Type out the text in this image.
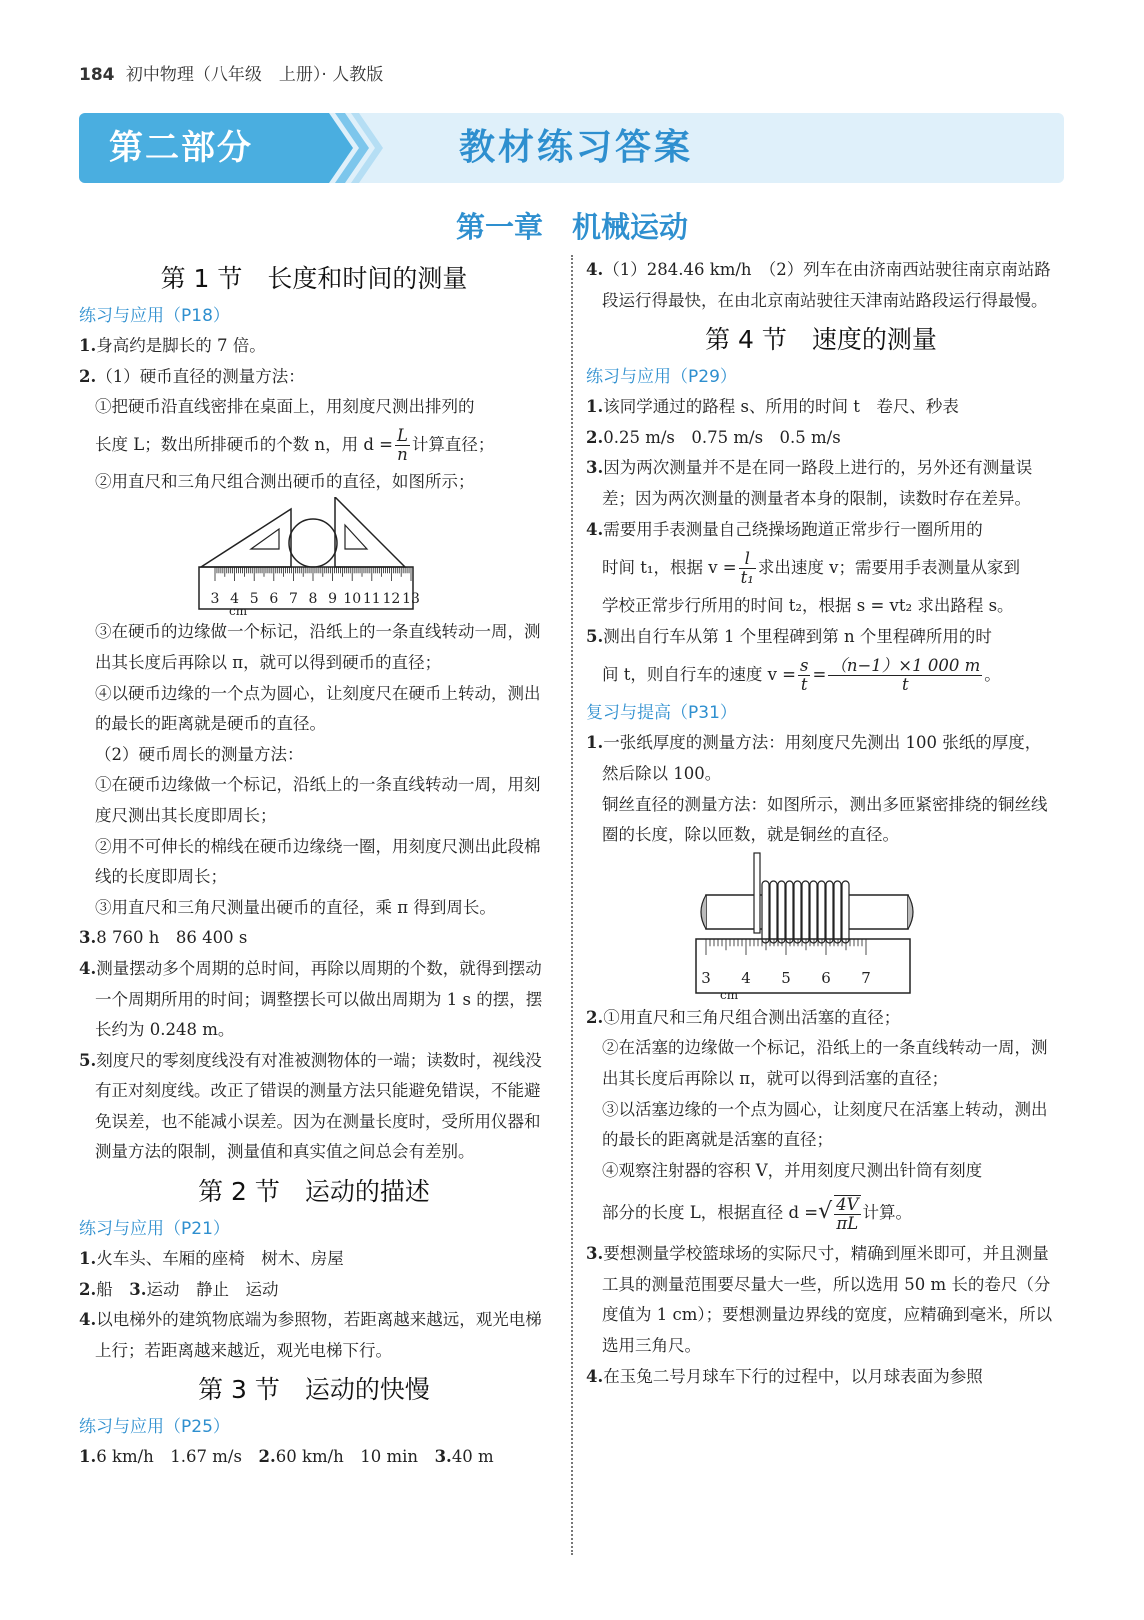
184 初中物理（八年级　上册）· 人教版
第二部分	教材练习答案
第一章　机械运动
第 1 节　长度和时间的测量
练习与应用（P18）
1.身高约是脚长的 7 倍。
2.（1）硬币直径的测量方法：
①把硬币沿直线密排在桌面上，用刻度尺测出排列的
长度 L；数出所排硬币的个数 n，用 $d = \frac{L}{n}$ 计算直径；
②用直尺和三角尺组合测出硬币的直径，如图所示；
3 4 5 6 7 8 9 10 11 12 13
cm
③在硬币的边缘做一个标记，沿纸上的一条直线转动一周，测出其长度后再除以 π，就可以得到硬币的直径；
④以硬币边缘的一个点为圆心，让刻度尺在硬币上转动，测出的最长的距离就是硬币的直径。
（2）硬币周长的测量方法：
①在硬币边缘做一个标记，沿纸上的一条直线转动一周，用刻度尺测出其长度即周长；
②用不可伸长的棉线在硬币边缘绕一圈，用刻度尺测出此段棉线的长度即周长；
③用直尺和三角尺测量出硬币的直径，乘 π 得到周长。
3.8 760 h　86 400 s
4.测量摆动多个周期的总时间，再除以周期的个数，就得到摆动一个周期所用的时间；调整摆长可以做出周期为 1 s 的摆，摆长约为 0.248 m。
5.刻度尺的零刻度线没有对准被测物体的一端；读数时，视线没有正对刻度线。改正了错误的测量方法只能避免错误，不能避免误差，也不能减小误差。因为在测量长度时，受所用仪器和测量方法的限制，测量值和真实值之间总会有差别。
第 2 节　运动的描述
练习与应用（P21）
1.火车头、车厢的座椅　树木、房屋
2.船　3.运动　静止　运动
4.以电梯外的建筑物底端为参照物，若距离越来越远，观光电梯上行；若距离越来越近，观光电梯下行。
第 3 节　运动的快慢
练习与应用（P25）
1.6 km/h　1.67 m/s　2.60 km/h　10 min　3.40 m
4.（1）284.46 km/h　（2）列车在由济南西站驶往南京南站路段运行得最快，在由北京南站驶往天津南站路段运行得最慢。
第 4 节　速度的测量
练习与应用（P29）
1.该同学通过的路程 s、所用的时间 t　卷尺、秒表
2.0.25 m/s　0.75 m/s　0.5 m/s
3.因为两次测量并不是在同一路段上进行的，另外还有测量误差；因为两次测量的测量者本身的限制，读数时存在差异。
4.需要用手表测量自己绕操场跑道正常步行一圈所用的
时间 t₁，根据 $v = \frac{l}{\text{t₁}}$ 求出速度 v；需要用手表测量从家到
学校正常步行所用的时间 t₂，根据 s = vt₂ 求出路程 s。
5.测出自行车从第 1 个里程碑到第 n 个里程碑所用的时
间 t，则自行车的速度 $v = \frac{s}{t} = \frac{(n-1)\times 1 000 m}{t}$ 。
复习与提高（P31）
1.一张纸厚度的测量方法：用刻度尺先测出 100 张纸的厚度，然后除以 100。
铜丝直径的测量方法：如图所示，测出多匝紧密排绕的铜丝线圈的长度，除以匝数，就是铜丝的直径。
3 4 5 6 7
cm
2.①用直尺和三角尺组合测出活塞的直径；
②在活塞的边缘做一个标记，沿纸上的一条直线转动一周，测出其长度后再除以 π，就可以得到活塞的直径；
③以活塞边缘的一个点为圆心，让刻度尺在活塞上转动，测出的最长的距离就是活塞的直径；
④观察注射器的容积 V，并用刻度尺测出针筒有刻度
部分的长度 L，根据直径 d =√ $\frac{4V}{\pi L}$ 计算。
3.要想测量学校篮球场的实际尺寸，精确到厘米即可，并且测量工具的测量范围要尽量大一些，所以选用 50 m 长的卷尺（分度值为 1 cm）；要想测量边界线的宽度，应精确到毫米，所以选用三角尺。
4.在玉兔二号月球车下行的过程中，以月球表面为参照
